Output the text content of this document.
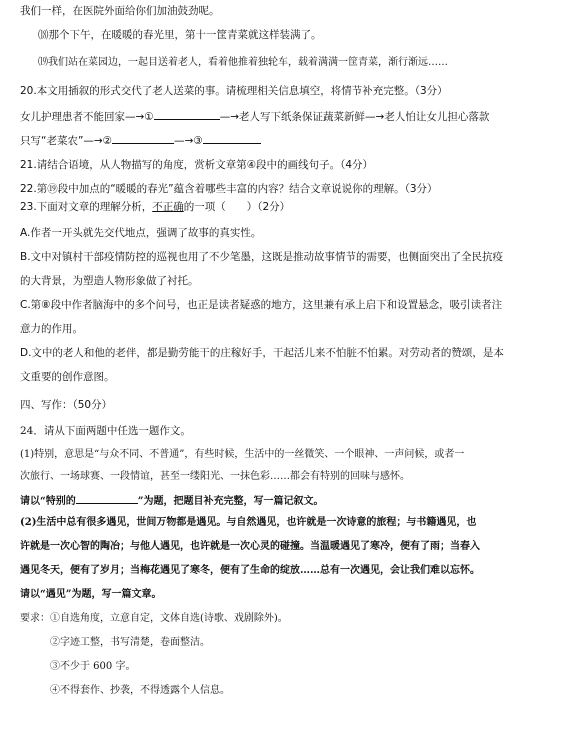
我们一样，在医院外面给你们加油鼓劲呢。
⒅那个下午，在暖暖的春光里，第十一筐青菜就这样装满了。
⒆我们站在菜园边，一起目送着老人，看着他推着独轮车，载着满满一筐青菜，渐行渐远……
20.本文用插叙的形式交代了老人送菜的事。请梳理相关信息填空，将情节补充完整。（3分）
女儿护理患者不能回家—→①	—→老人写下纸条保证蔬菜新鲜—→老人怕让女儿担心落款
只写“老菜农”—→②	—→③
21.请结合语境，从人物描写的角度，赏析文章第④段中的画线句子。（4分）
22.第⑲段中加点的“暖暖的春光”蕴含着哪些丰富的内容？结合文章说说你的理解。（3分）
23.下面对文章的理解分析，不正确的一项（　　）（2分）
A.作者一开头就先交代地点，强调了故事的真实性。
B.文中对镇村干部疫情防控的巡视也用了不少笔墨，这既是推动故事情节的需要，也侧面突出了全民抗疫
的大背景，为塑造人物形象做了衬托。
C.第⑧段中作者脑海中的多个问号，也正是读者疑惑的地方，这里兼有承上启下和设置悬念，吸引读者注
意力的作用。
D.文中的老人和他的老伴，都是勤劳能干的庄稼好手，干起活儿来不怕脏不怕累。对劳动者的赞颂，是本
文重要的创作意图。
四、写作：（50分）
24．请从下面两题中任选一题作文。
(1)特别，意思是“与众不同、不普通”，有些时候，生活中的一丝微笑、一个眼神、一声问候，或者一
次旅行、一场球赛、一段情谊，甚至一缕阳光、一抹色彩……都会有特别的回味与感怀。
请以“特别的	”为题，把题目补充完整，写一篇记叙文。
(2)生活中总有很多遇见，世间万物都是遇见。与自然遇见，也许就是一次诗意的旅程；与书籍遇见，也
许就是一次心智的陶冶；与他人遇见，也许就是一次心灵的碰撞。当温暖遇见了寒冷，便有了雨；当春入
遇见冬天，便有了岁月；当梅花遇见了寒冬，便有了生命的绽放……总有一次遇见，会让我们难以忘怀。
请以“遇见”为题，写一篇文章。
要求： ①自选角度，立意自定，文体自选(诗歌、戏剧除外)。
②字迹工整，书写清楚，卷面整洁。
③不少于 600 字。
④不得套作、抄袭，不得透露个人信息。
